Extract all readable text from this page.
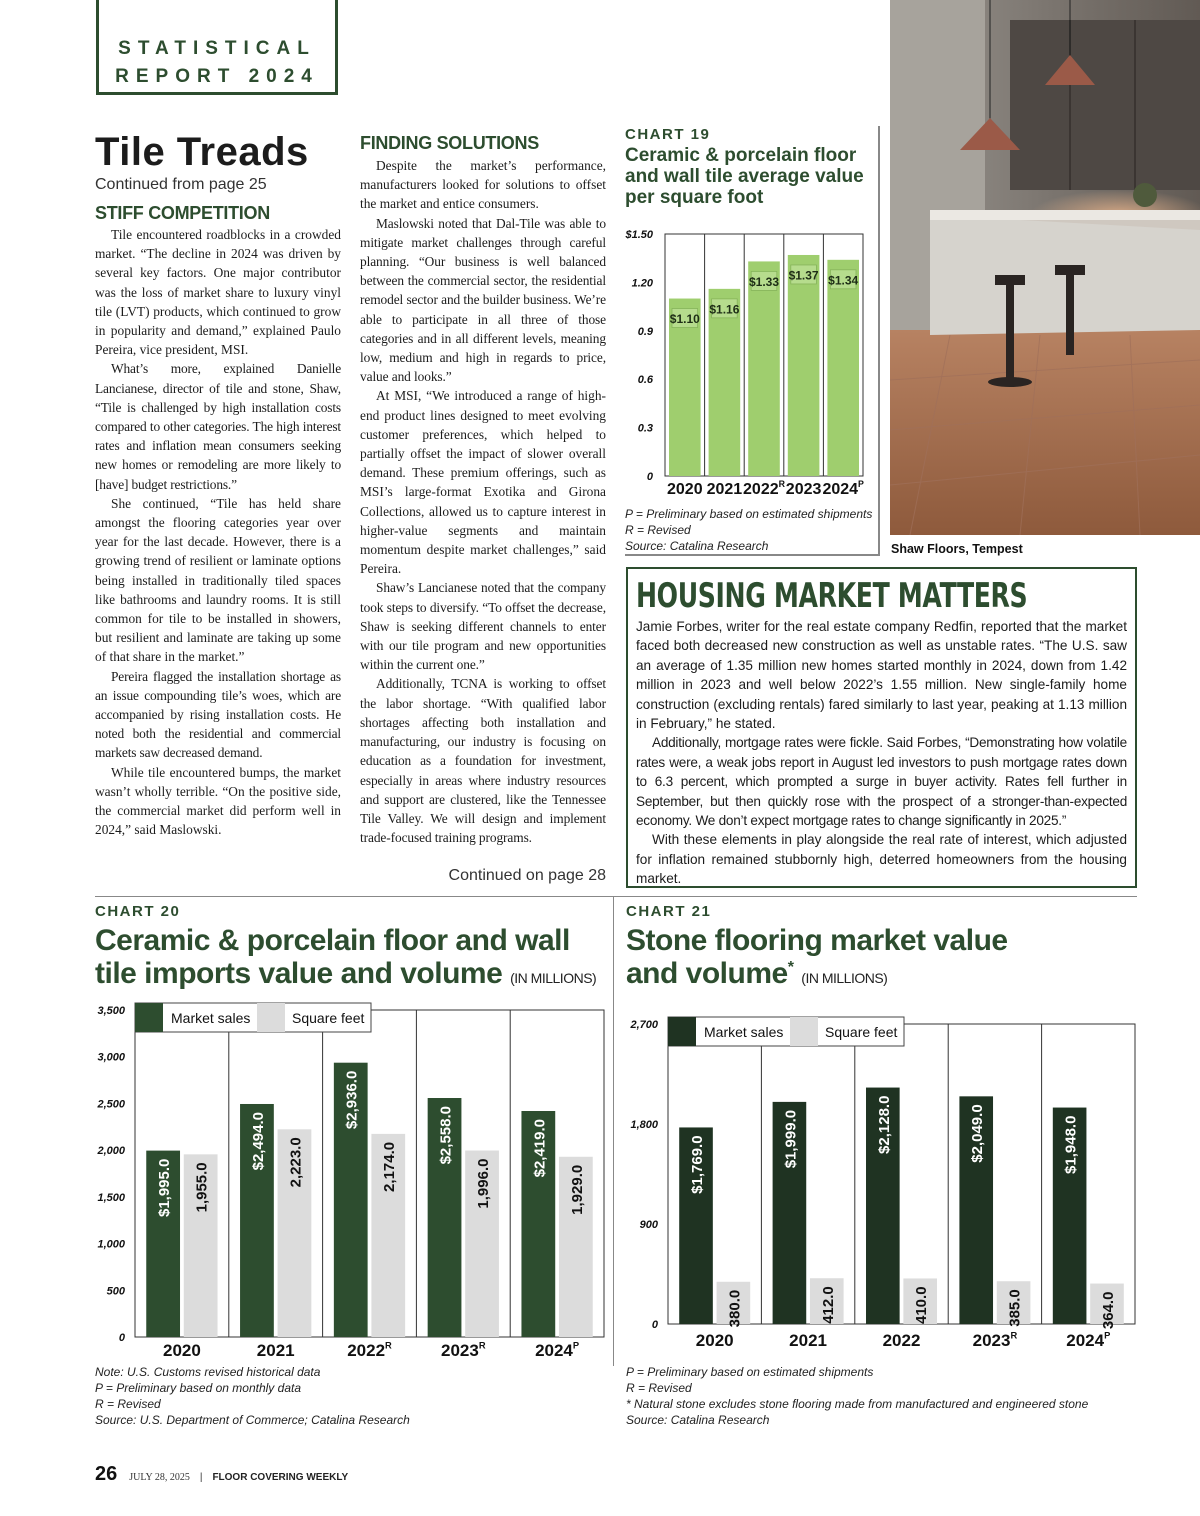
STATISTICAL
REPORT 2024
Tile Treads
Continued from page 25
STIFF COMPETITION

Tile encountered roadblocks in a crowded market. “The decline in 2024 was driven by several key factors. One major contributor was the loss of market share to luxury vinyl tile (LVT) products, which continued to grow in popularity and demand,” explained Paulo Pereira, vice president, MSI.

What’s more, explained Danielle Lancianese, director of tile and stone, Shaw, “Tile is challenged by high installation costs compared to other categories. The high interest rates and inflation mean consumers seeking new homes or remodeling are more likely to [have] budget restrictions.”

She continued, “Tile has held share amongst the flooring categories year over year for the last decade. However, there is a growing trend of resilient or laminate options being installed in traditionally tiled spaces like bathrooms and laundry rooms. It is still common for tile to be installed in showers, but resilient and laminate are taking up some of that share in the market.”

Pereira flagged the installation shortage as an issue compounding tile’s woes, which are accompanied by rising installation costs. He noted both the residential and commercial markets saw decreased demand.

While tile encountered bumps, the market wasn’t wholly terrible. “On the positive side, the commercial market did perform well in 2024,” said Maslowski.

FINDING SOLUTIONS

Despite the market’s performance, manufacturers looked for solutions to offset the market and entice consumers.

Maslowski noted that Dal-Tile was able to mitigate market challenges through careful planning. “Our business is well balanced between the commercial sector, the residential remodel sector and the builder business. We’re able to participate in all three of those categories and in all different levels, meaning low, medium and high in regards to price, value and looks.”

At MSI, “We introduced a range of high-end product lines designed to meet evolving customer preferences, which helped to partially offset the impact of slower overall demand. These premium offerings, such as MSI’s large-format Exotika and Girona Collections, allowed us to capture interest in higher-value segments and maintain momentum despite market challenges,” said Pereira.

Shaw’s Lancianese noted that the company took steps to diversify. “To offset the decrease, Shaw is seeking different channels to enter with our tile program and new opportunities within the current one.”

Additionally, TCNA is working to offset the labor shortage. “With qualified labor shortages affecting both installation and manufacturing, our industry is focusing on education as a foundation for investment, especially in areas where industry resources and support are clustered, like the Tennessee Tile Valley. We will design and implement trade-focused training programs.

Continued on page 28
CHART 19
Ceramic & porcelain floor and wall tile average value per square foot
$1.50
1.20
0.9
0.6
0.3
0
$1.10
2020
$1.16
2021
$1.33
$2022^R$
$1.37
2023
$1.34
$2024^P$
P = Preliminary based on estimated shipments
R = Revised
Source: Catalina Research	Shaw Floors, Tempest
HOUSING MARKET MATTERS

Jamie Forbes, writer for the real estate company Redfin, reported that the market faced both decreased new construction as well as unstable rates. “The U.S. saw an average of 1.35 million new homes started monthly in 2024, down from 1.42 million in 2023 and well below 2022’s 1.55 million. New single-family home construction (excluding rentals) fared similarly to last year, peaking at 1.13 million in February,” he stated.

Additionally, mortgage rates were fickle. Said Forbes, “Demonstrating how volatile rates were, a weak jobs report in August led investors to push mortgage rates down to 6.3 percent, which prompted a surge in buyer activity. Rates fell further in September, but then quickly rose with the prospect of a stronger-than-expected economy. We don’t expect mortgage rates to change significantly in 2025.”

With these elements in play alongside the real rate of interest, which adjusted for inflation remained stubbornly high, deterred homeowners from the housing market.

CHART 20
Ceramic & porcelain floor and wall tile imports value and volume (IN MILLIONS)
3,500
3,000
2,500
2,000
1,500
1,000
500
0
$1,995.0 1,955.0
2020
$2,494.0 2,223.0
2021
$2,936.0
2,174.0
$2022^R$
$2,558.0
1,996.0
$2023^R$
$2,419.0
1,929.0
$2024^P$
Market sales	Square feet
Note: U.S. Customs revised historical data
P = Preliminary based on monthly data
R = Revised
Source: U.S. Department of Commerce; Catalina Research
CHART 21
Stone flooring market value and volume* (IN MILLIONS)
2,700
1,800
900
0
$1,769.0
380.0
2020
$1,999.0
412.0
2021
$2,128.0
410.0
2022
$2,049.0
385.0
$2023^R$
$1,948.0
364.0
$2024^P$
Market sales	Square feet
P = Preliminary based on estimated shipments
R = Revised
* Natural stone excludes stone flooring made from manufactured and engineered stone
Source: Catalina Research
26 JULY 28, 2025 | FLOOR COVERING WEEKLY
